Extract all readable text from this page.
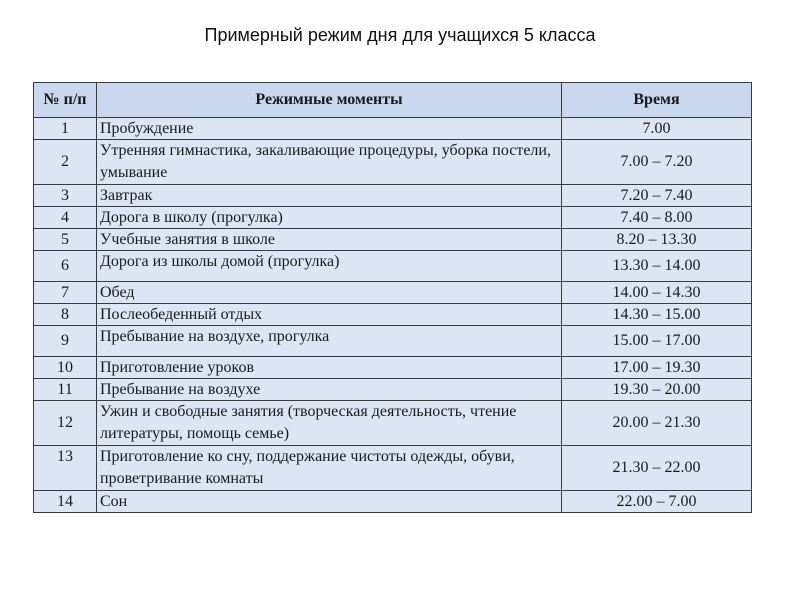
Примерный режим дня для учащихся 5 класса
№ п/п	Режимные моменты	Время
1	Пробуждение	7.00
2	Утренняя гимнастика, закаливающие процедуры, уборка постели, умывание	7.00 – 7.20
3	Завтрак	7.20 – 7.40
4	Дорога в школу (прогулка)	7.40 – 8.00
5	Учебные занятия в школе	8.20 – 13.30
6	Дорога из школы домой (прогулка)	13.30 – 14.00
7	Обед	14.00 – 14.30
8	Послеобеденный отдых	14.30 – 15.00
9	Пребывание на воздухе, прогулка	15.00 – 17.00
10	Приготовление уроков	17.00 – 19.30
11	Пребывание на воздухе	19.30 – 20.00
12	Ужин и свободные занятия (творческая деятельность, чтение литературы, помощь семье)	20.00 – 21.30
13	Приготовление ко сну, поддержание чистоты одежды, обуви, проветривание комнаты	21.30 – 22.00
14	Сон	22.00 – 7.00
